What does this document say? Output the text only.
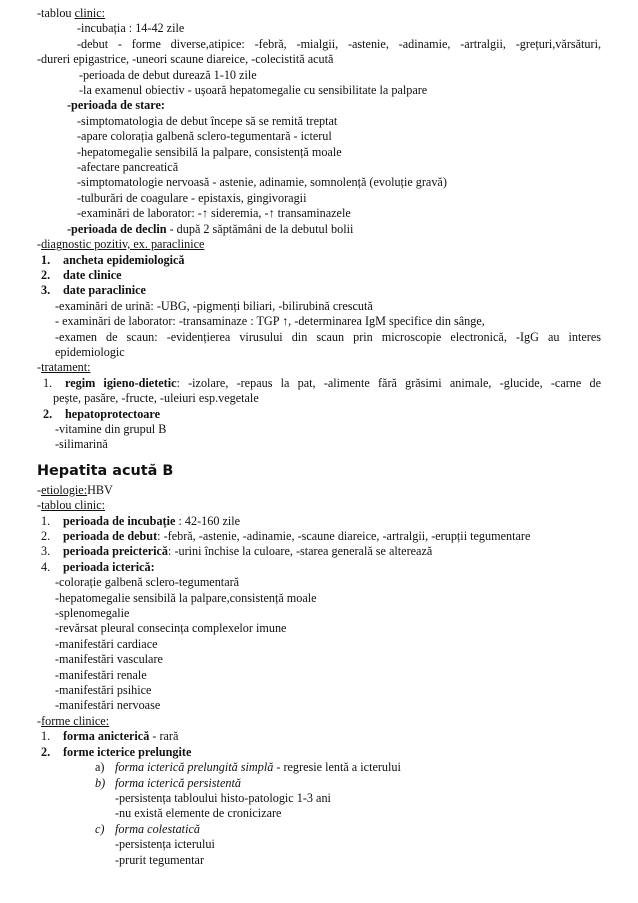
-tablou clinic:
-incubația : 14-42 zile
-debut - forme diverse,atipice: -febră, -mialgii, -astenie, -adinamie, -artralgii, -grețuri,vărsături,
-dureri epigastrice, -uneori scaune diareice, -colecistită acută
-perioada de debut durează 1-10 zile
-la examenul obiectiv - ușoară hepatomegalie cu sensibilitate la palpare
-perioada de stare:
-simptomatologia de debut începe să se remită treptat
-apare colorația galbenă sclero-tegumentară - icterul
-hepatomegalie sensibilă la palpare, consistență moale
-afectare pancreatică
-simptomatologie nervoasă - astenie, adinamie, somnolență (evoluție gravă)
-tulburări de coagulare - epistaxis, gingivoragii
-examinări de laborator: -↑ sideremia, -↑ transaminazele
-perioada de declin - după 2 săptămâni de la debutul bolii
-diagnostic pozitiv, ex. paraclinice
1. ancheta epidemiologică
2. date clinice
3. date paraclinice
-examinări de urină: -UBG, -pigmenți biliari, -bilirubină crescută
- examinări de laborator: -transaminaze : TGP ↑, -determinarea IgM specifice din sânge,
-examen de scaun: -evidențierea virusului din scaun prin microscopie electronică, -IgG au interes
epidemiologic
-tratament:
1. regim igieno-dietetic: -izolare, -repaus la pat, -alimente fără grăsimi animale, -glucide, -carne de
pește, pasăre, -fructe, -uleiuri esp.vegetale
2. hepatoprotectoare
-vitamine din grupul B
-silimarină
Hepatita acută B
-etiologie:HBV
-tablou clinic:
1. perioada de incubație : 42-160 zile
2. perioada de debut: -febră, -astenie, -adinamie, -scaune diareice, -artralgii, -erupții tegumentare
3. perioada preicterică: -urini închise la culoare, -starea generală se alterează
4. perioada icterică:
-colorație galbenă sclero-tegumentară
-hepatomegalie sensibilă la palpare,consistență moale
-splenomegalie
-revărsat pleural consecința complexelor imune
-manifestări cardiace
-manifestări vasculare
-manifestări renale
-manifestări psihice
-manifestări nervoase
-forme clinice:
1. forma anicterică - rară
2. forme icterice prelungite
a) forma icterică prelungită simplă - regresie lentă a icterului
b) forma icterică persistentă
-persistența tabloului histo-patologic 1-3 ani
-nu există elemente de cronicizare
c) forma colestatică
-persistența icterului
-prurit tegumentar
